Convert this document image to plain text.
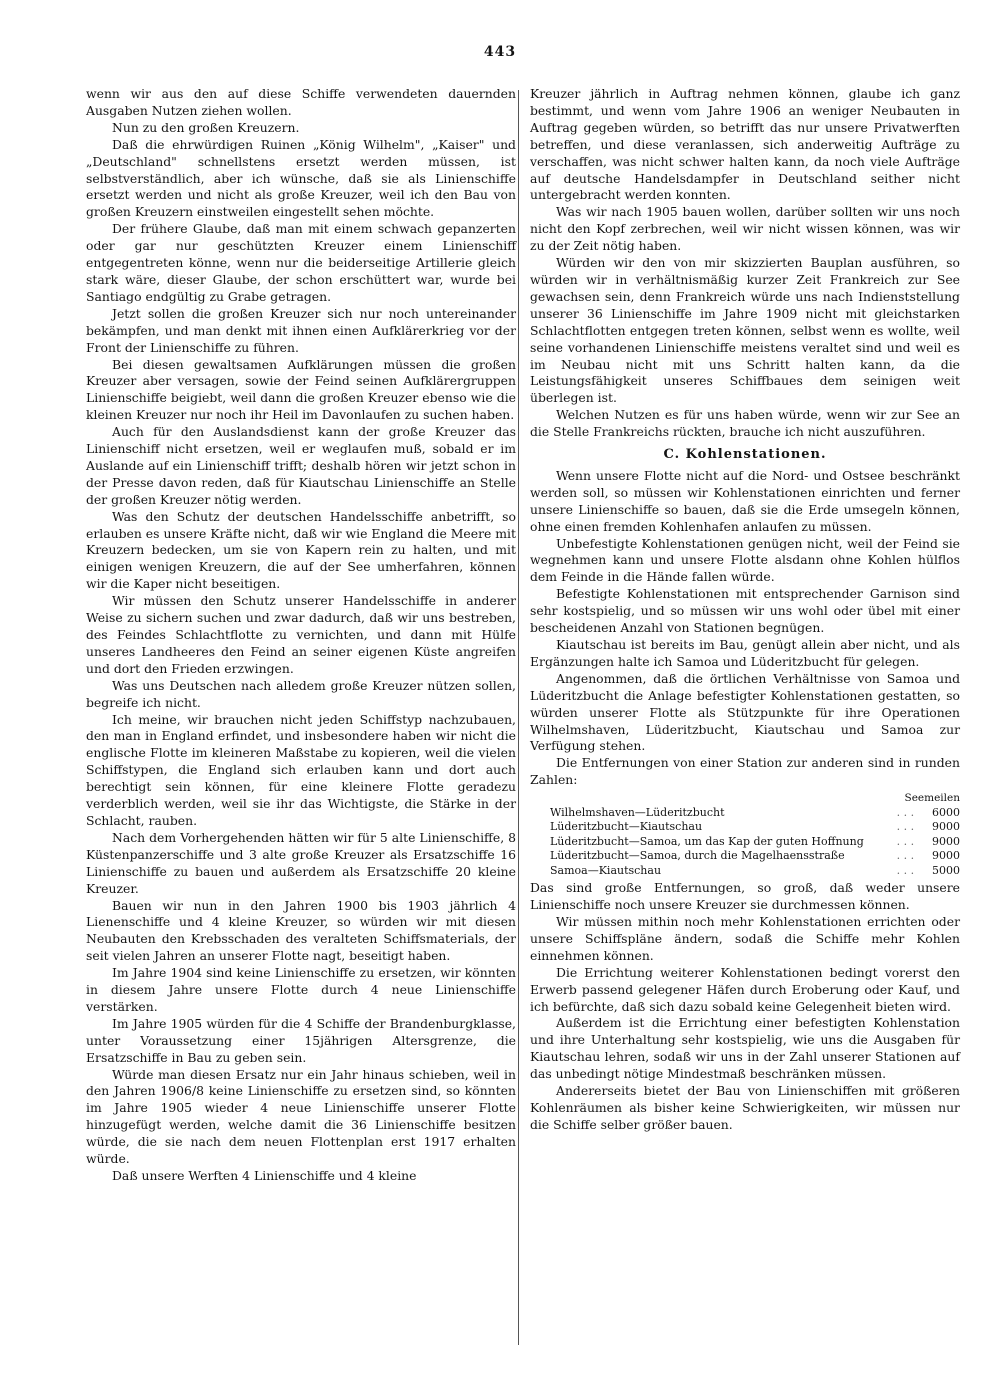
443

wenn wir aus den auf diese Schiffe verwendeten dauernden Ausgaben Nutzen ziehen wollen.

Nun zu den großen Kreuzern.

Daß die ehrwürdigen Ruinen „König Wilhelm", „Kaiser" und „Deutschland" schnellstens ersetzt werden müssen, ist selbstverständlich, aber ich wünsche, daß sie als Linienschiffe ersetzt werden und nicht als große Kreuzer, weil ich den Bau von großen Kreuzern einstweilen eingestellt sehen möchte.

Der frühere Glaube, daß man mit einem schwach gepanzerten oder gar nur geschützten Kreuzer einem Linienschiff entgegentreten könne, wenn nur die beiderseitige Artillerie gleich stark wäre, dieser Glaube, der schon erschüttert war, wurde bei Santiago endgültig zu Grabe getragen.

Jetzt sollen die großen Kreuzer sich nur noch untereinander bekämpfen, und man denkt mit ihnen einen Aufklärerkrieg vor der Front der Linienschiffe zu führen.

Bei diesen gewaltsamen Aufklärungen müssen die großen Kreuzer aber versagen, sowie der Feind seinen Aufklärergruppen Linienschiffe beigiebt, weil dann die großen Kreuzer ebenso wie die kleinen Kreuzer nur noch ihr Heil im Davonlaufen zu suchen haben.

Auch für den Auslandsdienst kann der große Kreuzer das Linienschiff nicht ersetzen, weil er weglaufen muß, sobald er im Auslande auf ein Linienschiff trifft; deshalb hören wir jetzt schon in der Presse davon reden, daß für Kiautschau Linienschiffe an Stelle der großen Kreuzer nötig werden.

Was den Schutz der deutschen Handelsschiffe anbetrifft, so erlauben es unsere Kräfte nicht, daß wir wie England die Meere mit Kreuzern bedecken, um sie von Kapern rein zu halten, und mit einigen wenigen Kreuzern, die auf der See umherfahren, können wir die Kaper nicht beseitigen.

Wir müssen den Schutz unserer Handelsschiffe in anderer Weise zu sichern suchen und zwar dadurch, daß wir uns bestreben, des Feindes Schlachtflotte zu vernichten, und dann mit Hülfe unseres Landheeres den Feind an seiner eigenen Küste angreifen und dort den Frieden erzwingen.

Was uns Deutschen nach alledem große Kreuzer nützen sollen, begreife ich nicht.

Ich meine, wir brauchen nicht jeden Schiffstyp nachzubauen, den man in England erfindet, und insbesondere haben wir nicht die englische Flotte im kleineren Maßstabe zu kopieren, weil die vielen Schiffstypen, die England sich erlauben kann und dort auch berechtigt sein können, für eine kleinere Flotte geradezu verderblich werden, weil sie ihr das Wichtigste, die Stärke in der Schlacht, rauben.

Nach dem Vorhergehenden hätten wir für 5 alte Linienschiffe, 8 Küstenpanzerschiffe und 3 alte große Kreuzer als Ersatzschiffe 16 Linienschiffe zu bauen und außerdem als Ersatzschiffe 20 kleine Kreuzer.

Bauen wir nun in den Jahren 1900 bis 1903 jährlich 4 Lienenschiffe und 4 kleine Kreuzer, so würden wir mit diesen Neubauten den Krebsschaden des veralteten Schiffsmaterials, der seit vielen Jahren an unserer Flotte nagt, beseitigt haben.

Im Jahre 1904 sind keine Linienschiffe zu ersetzen, wir könnten in diesem Jahre unsere Flotte durch 4 neue Linienschiffe verstärken.

Im Jahre 1905 würden für die 4 Schiffe der Brandenburgklasse, unter Voraussetzung einer 15jährigen Altersgrenze, die Ersatzschiffe in Bau zu geben sein.

Würde man diesen Ersatz nur ein Jahr hinaus schieben, weil in den Jahren 1906/8 keine Linienschiffe zu ersetzen sind, so könnten im Jahre 1905 wieder 4 neue Linienschiffe unserer Flotte hinzugefügt werden, welche damit die 36 Linienschiffe besitzen würde, die sie nach dem neuen Flottenplan erst 1917 erhalten würde.

Daß unsere Werften 4 Linienschiffe und 4 kleine

Kreuzer jährlich in Auftrag nehmen können, glaube ich ganz bestimmt, und wenn vom Jahre 1906 an weniger Neubauten in Auftrag gegeben würden, so betrifft das nur unsere Privatwerften betreffen, und diese veranlassen, sich anderweitig Aufträge zu verschaffen, was nicht schwer halten kann, da noch viele Aufträge auf deutsche Handelsdampfer in Deutschland seither nicht untergebracht werden konnten.

Was wir nach 1905 bauen wollen, darüber sollten wir uns noch nicht den Kopf zerbrechen, weil wir nicht wissen können, was wir zu der Zeit nötig haben.

Würden wir den von mir skizzierten Bauplan ausführen, so würden wir in verhältnismäßig kurzer Zeit Frankreich zur See gewachsen sein, denn Frankreich würde uns nach Indienststellung unserer 36 Linienschiffe im Jahre 1909 nicht mit gleichstarken Schlachtflotten entgegen treten können, selbst wenn es wollte, weil seine vorhandenen Linienschiffe meistens veraltet sind und weil es im Neubau nicht mit uns Schritt halten kann, da die Leistungsfähigkeit unseres Schiffbaues dem seinigen weit überlegen ist.

Welchen Nutzen es für uns haben würde, wenn wir zur See an die Stelle Frankreichs rückten, brauche ich nicht auszuführen.

C. Kohlenstationen.

Wenn unsere Flotte nicht auf die Nord- und Ostsee beschränkt werden soll, so müssen wir Kohlenstationen einrichten und ferner unsere Linienschiffe so bauen, daß sie die Erde umsegeln können, ohne einen fremden Kohlenhafen anlaufen zu müssen.

Unbefestigte Kohlenstationen genügen nicht, weil der Feind sie wegnehmen kann und unsere Flotte alsdann ohne Kohlen hülflos dem Feinde in die Hände fallen würde.

Befestigte Kohlenstationen mit entsprechender Garnison sind sehr kostspielig, und so müssen wir uns wohl oder übel mit einer bescheidenen Anzahl von Stationen begnügen.

Kiautschau ist bereits im Bau, genügt allein aber nicht, und als Ergänzungen halte ich Samoa und Lüderitzbucht für gelegen.

Angenommen, daß die örtlichen Verhältnisse von Samoa und Lüderitzbucht die Anlage befestigter Kohlenstationen gestatten, so würden unserer Flotte als Stützpunkte für ihre Operationen Wilhelmshaven, Lüderitzbucht, Kiautschau und Samoa zur Verfügung stehen.

Die Entfernungen von einer Station zur anderen sind in runden Zahlen:

Seemeilen		
Wilhelmshaven—Lüderitzbucht	. . .	6000
Lüderitzbucht—Kiautschau	. . .	9000
Lüderitzbucht—Samoa, um das Kap der guten Hoffnung	. . .	9000
Lüderitzbucht—Samoa, durch die Magelhaensstraße	. . .	9000
Samoa—Kiautschau	. . .	5000

Das sind große Entfernungen, so groß, daß weder unsere Linienschiffe noch unsere Kreuzer sie durchmessen können.

Wir müssen mithin noch mehr Kohlenstationen errichten oder unsere Schiffspläne ändern, sodaß die Schiffe mehr Kohlen einnehmen können.

Die Errichtung weiterer Kohlenstationen bedingt vorerst den Erwerb passend gelegener Häfen durch Eroberung oder Kauf, und ich befürchte, daß sich dazu sobald keine Gelegenheit bieten wird.

Außerdem ist die Errichtung einer befestigten Kohlenstation und ihre Unterhaltung sehr kostspielig, wie uns die Ausgaben für Kiautschau lehren, sodaß wir uns in der Zahl unserer Stationen auf das unbedingt nötige Mindestmaß beschränken müssen.

Andererseits bietet der Bau von Linienschiffen mit größeren Kohlenräumen als bisher keine Schwierigkeiten, wir müssen nur die Schiffe selber größer bauen.
